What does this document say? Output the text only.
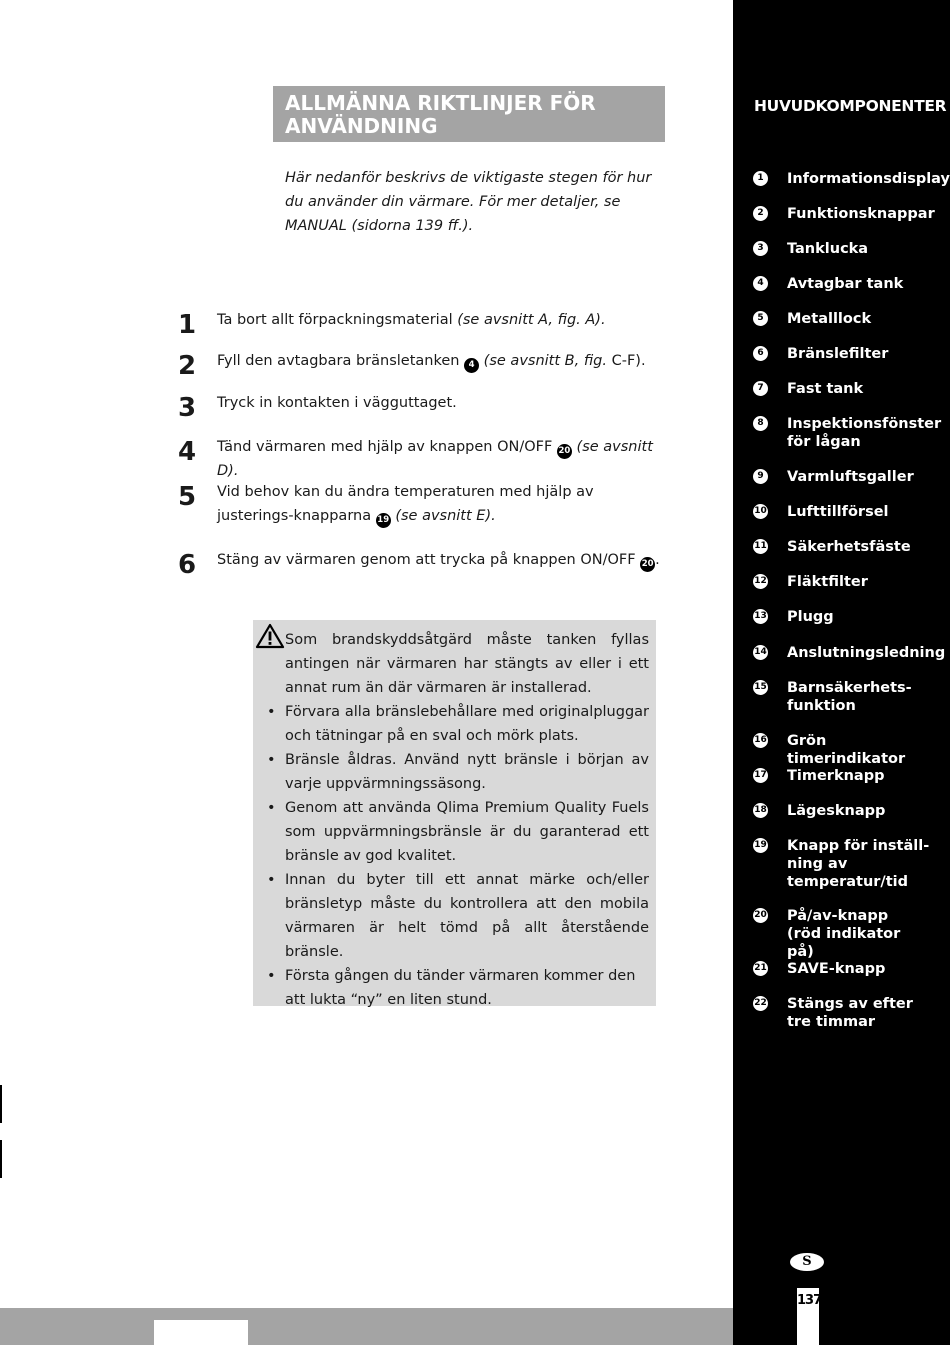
ALLMÄNNA RIKTLINJER FÖR ANVÄNDNING
Här nedanför beskrivs de viktigaste stegen för hur du använder din värmare. För mer detaljer, se MANUAL (sidorna 139 ff.).
1 Ta bort allt förpackningsmaterial (se avsnitt A, fig. A).
2 Fyll den avtagbara bränsletanken 4 (se avsnitt B, fig. C-F).
3 Tryck in kontakten i vägguttaget.
4 Tänd värmaren med hjälp av knappen ON/OFF 20 (se avsnitt D).
5 Vid behov kan du ändra temperaturen med hjälp av justerings-knapparna 19 (se avsnitt E).
6 Stäng av värmaren genom att trycka på knappen ON/OFF 20 .
Som brandskyddsåtgärd måste tanken fyllas antingen när värmaren har stängts av eller i ett annat rum än där värmaren är installerad.
• Förvara alla bränslebehållare med originalpluggar och tätningar på en sval och mörk plats.
• Bränsle åldras. Använd nytt bränsle i början av varje uppvärmningssäsong.
• Genom att använda Qlima Premium Quality Fuels som uppvärmningsbränsle är du garanterad ett bränsle av god kvalitet.
• Innan du byter till ett annat märke och/eller bränsletyp måste du kontrollera att den mobila värmaren är helt tömd på allt återstående bränsle.
• Första gången du tänder värmaren kommer den att lukta “ny” en liten stund.
HUVUDKOMPONENTER
1	Informationsdisplay
2	Funktionsknappar
3	Tanklucka
4	Avtagbar tank
5	Metalllock
6	Bränslefilter
7	Fast tank
8	Inspektionsfönster för lågan
9	Varmluftsgaller
10 Lufttillförsel
11 Säkerhetsfäste
12 Fläktfilter
13 Plugg
14 Anslutningsledning
15 Barnsäkerhets-funktion
16 Grön timerindikator
17 Timerknapp
18 Lägesknapp
19 Knapp för inställ-ning av temperatur/tid
20 På/av-knapp (röd indikator på)
21 SAVE-knapp
22 Stängs av efter tre timmar
S
137
